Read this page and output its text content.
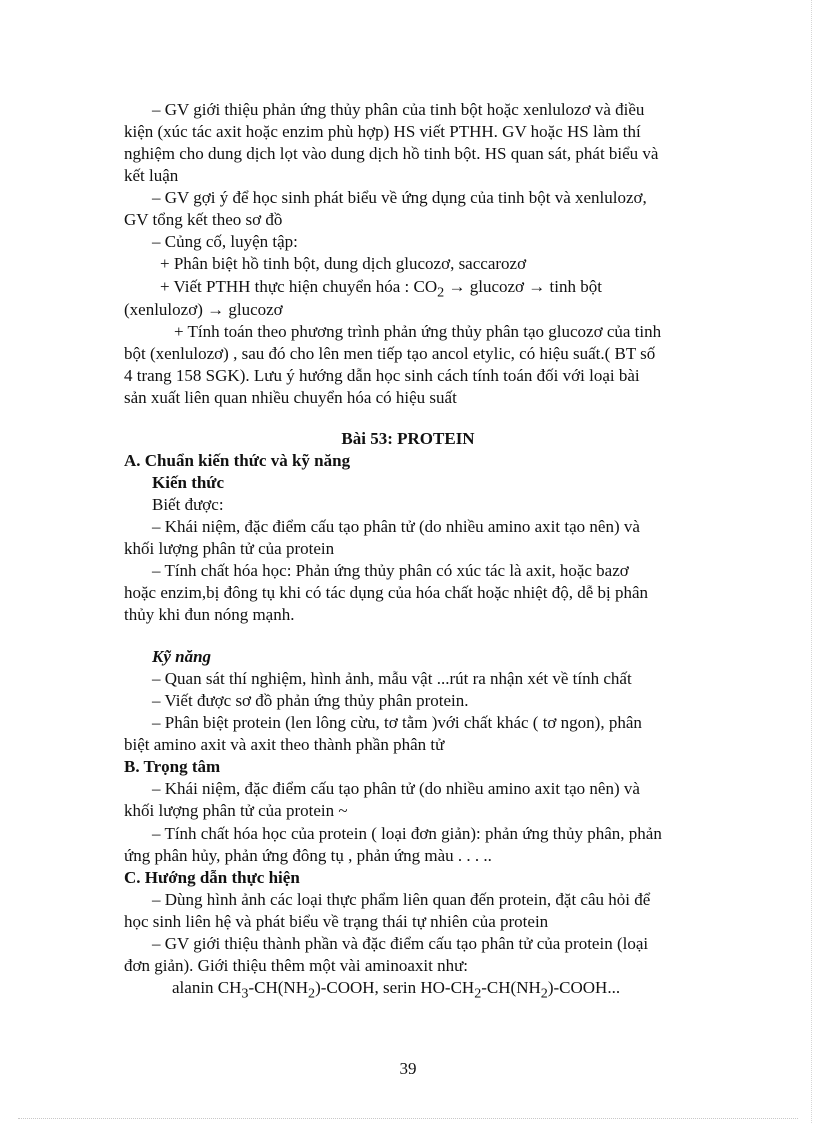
– GV giới thiệu phản ứng thủy phân của tinh bột hoặc xenlulozơ và điều
kiện (xúc tác axit hoặc enzim phù hợp) HS viết PTHH. GV hoặc HS làm thí
nghiệm cho dung dịch lọt vào dung dịch hồ tinh bột. HS quan sát, phát biểu và
kết luận
– GV gợi ý để học sinh phát biểu về ứng dụng của tinh bột và xenlulozơ,
GV tổng kết theo sơ đồ
– Củng cố, luyện tập:
+ Phân biệt hồ tinh bột, dung dịch glucozơ, saccarozơ
+ Viết PTHH thực hiện chuyển hóa : $CO_2$ → glucozơ → tinh bột
(xenlulozơ) → glucozơ
+ Tính toán theo phương trình phản ứng thủy phân tạo glucozơ của tinh
bột (xenlulozơ) , sau đó cho lên men tiếp tạo ancol etylic, có hiệu suất.( BT số
4 trang 158 SGK). Lưu ý hướng dẫn học sinh cách tính toán đối với loại bài
sản xuất liên quan nhiều chuyển hóa có hiệu suất
Bài 53: PROTEIN
A. Chuẩn kiến thức và kỹ năng
Kiến thức
Biết được:
– Khái niệm, đặc điểm cấu tạo phân tử (do nhiều amino axit tạo nên) và
khối lượng phân tử của protein
– Tính chất hóa học: Phản ứng thủy phân có xúc tác là axit, hoặc bazơ
hoặc enzim,bị đông tụ khi có tác dụng của hóa chất hoặc nhiệt độ, dễ bị phân
thủy khi đun nóng mạnh.
Kỹ năng
– Quan sát thí nghiệm, hình ảnh, mẫu vật ...rút ra nhận xét về tính chất
– Viết được sơ đồ phản ứng thủy phân protein.
– Phân biệt protein (len lông cừu, tơ tằm )với chất khác ( tơ ngon), phân
biệt amino axit và axit theo thành phần phân tử
B. Trọng tâm
– Khái niệm, đặc điểm cấu tạo phân tử (do nhiều amino axit tạo nên) và
khối lượng phân tử của protein ~
– Tính chất hóa học của protein ( loại đơn giản): phản ứng thủy phân, phản
ứng phân hủy, phản ứng đông tụ , phản ứng màu . . . ..
C. Hướng dẫn thực hiện
– Dùng hình ảnh các loại thực phẩm liên quan đến protein, đặt câu hỏi để
học sinh liên hệ và phát biểu về trạng thái tự nhiên của protein
– GV giới thiệu thành phần và đặc điểm cấu tạo phân tử của protein (loại
đơn giản). Giới thiệu thêm một vài aminoaxit như:
alanin $CH_3-CH(NH_2)$-COOH, serin $HO-CH_2-CH(NH_2)$-COOH...
39
